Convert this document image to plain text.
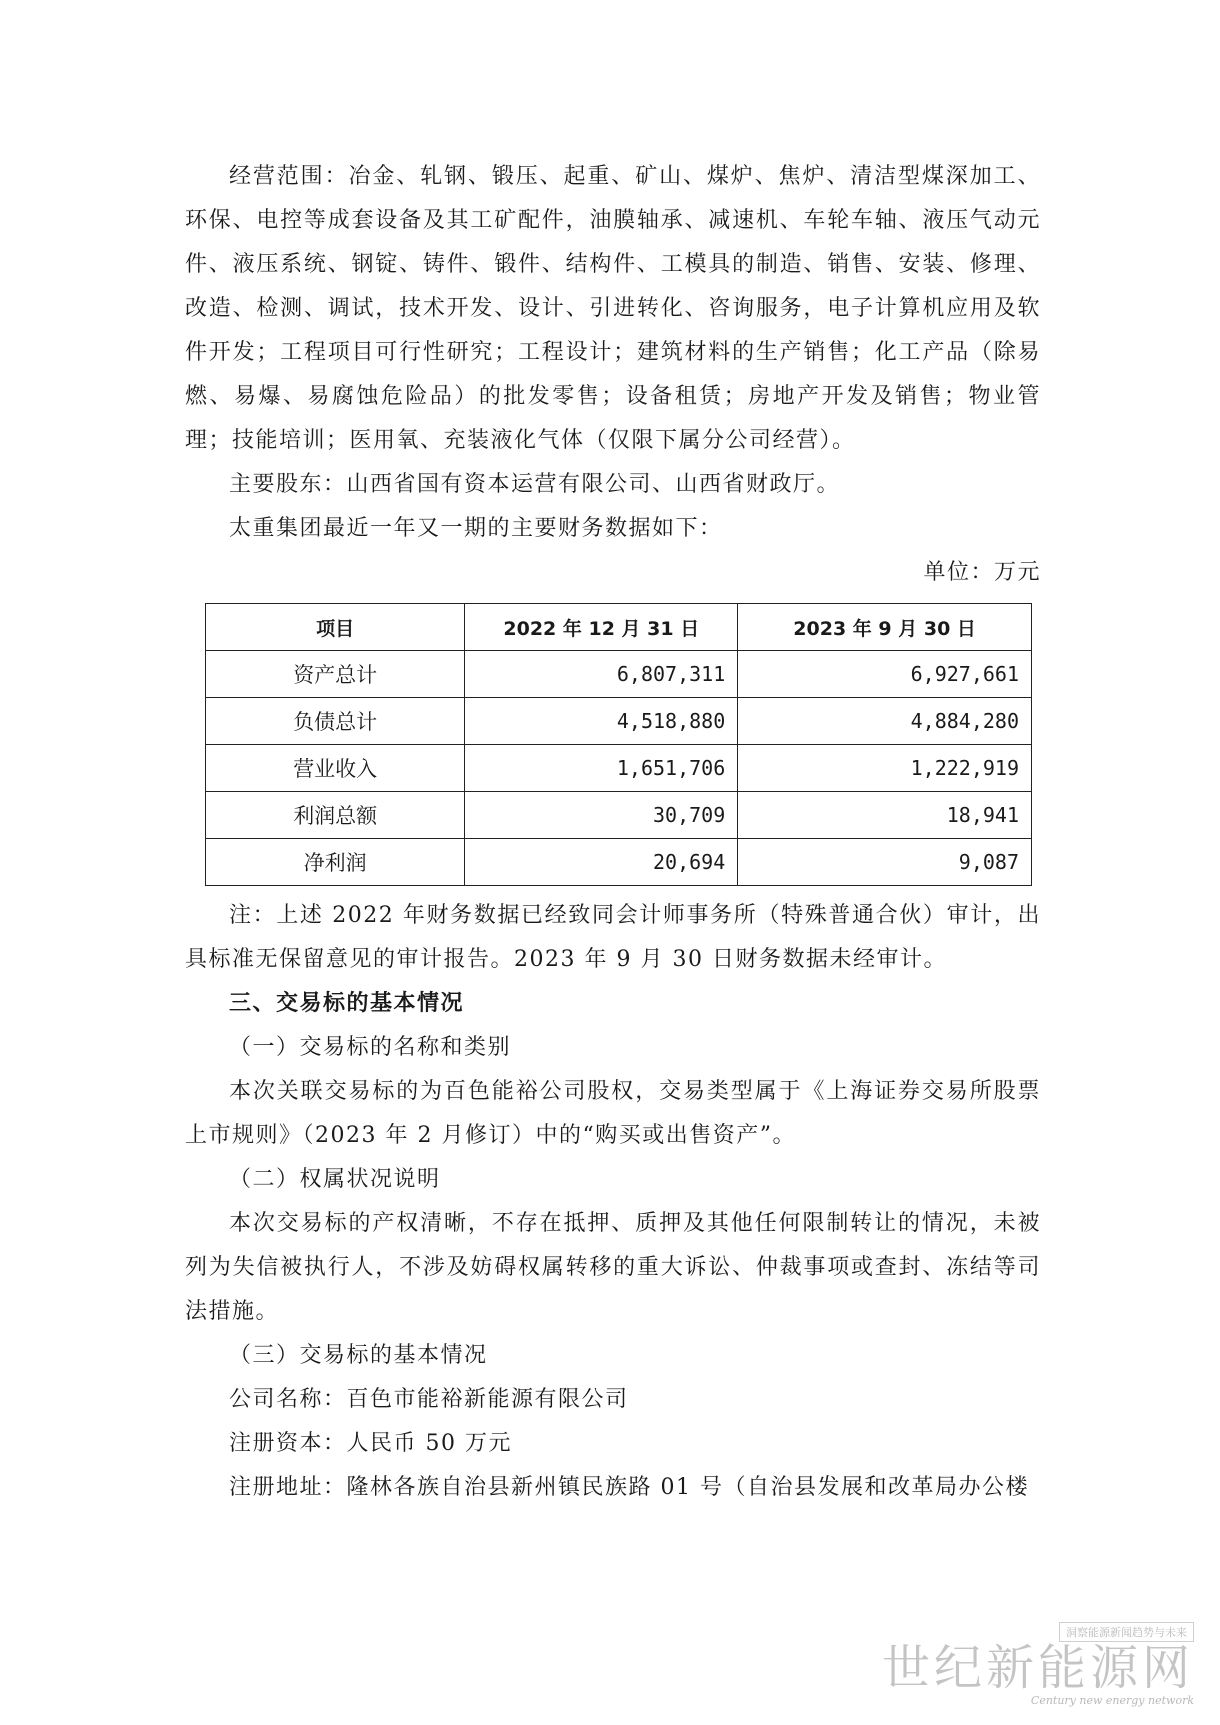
经营范围：冶金、轧钢、锻压、起重、矿山、煤炉、焦炉、清洁型煤深加工、环保、电控等成套设备及其工矿配件，油膜轴承、减速机、车轮车轴、液压气动元件、液压系统、钢锭、铸件、锻件、结构件、工模具的制造、销售、安装、修理、改造、检测、调试，技术开发、设计、引进转化、咨询服务，电子计算机应用及软件开发；工程项目可行性研究；工程设计；建筑材料的生产销售；化工产品（除易燃、易爆、易腐蚀危险品）的批发零售；设备租赁；房地产开发及销售；物业管理；技能培训；医用氧、充装液化气体（仅限下属分公司经营）。

主要股东：山西省国有资本运营有限公司、山西省财政厅。

太重集团最近一年又一期的主要财务数据如下：

单位：万元

项目	2022 年 12 月 31 日	2023 年 9 月 30 日
资产总计	6,807,311	6,927,661
负债总计	4,518,880	4,884,280
营业收入	1,651,706	1,222,919
利润总额	30,709	18,941
净利润	20,694	9,087

注：上述 2022 年财务数据已经致同会计师事务所（特殊普通合伙）审计，出具标准无保留意见的审计报告。2023 年 9 月 30 日财务数据未经审计。

三、交易标的基本情况

（一）交易标的名称和类别

本次关联交易标的为百色能裕公司股权，交易类型属于《上海证券交易所股票上市规则》（2023 年 2 月修订）中的“购买或出售资产”。

（二）权属状况说明

本次交易标的产权清晰，不存在抵押、质押及其他任何限制转让的情况，未被列为失信被执行人，不涉及妨碍权属转移的重大诉讼、仲裁事项或查封、冻结等司法措施。

（三）交易标的基本情况

公司名称：百色市能裕新能源有限公司

注册资本：人民币 50 万元

注册地址：隆林各族自治县新州镇民族路 01 号（自治县发展和改革局办公楼

洞察能源新闻趋势与未来
世纪新能源网
Century new energy network
